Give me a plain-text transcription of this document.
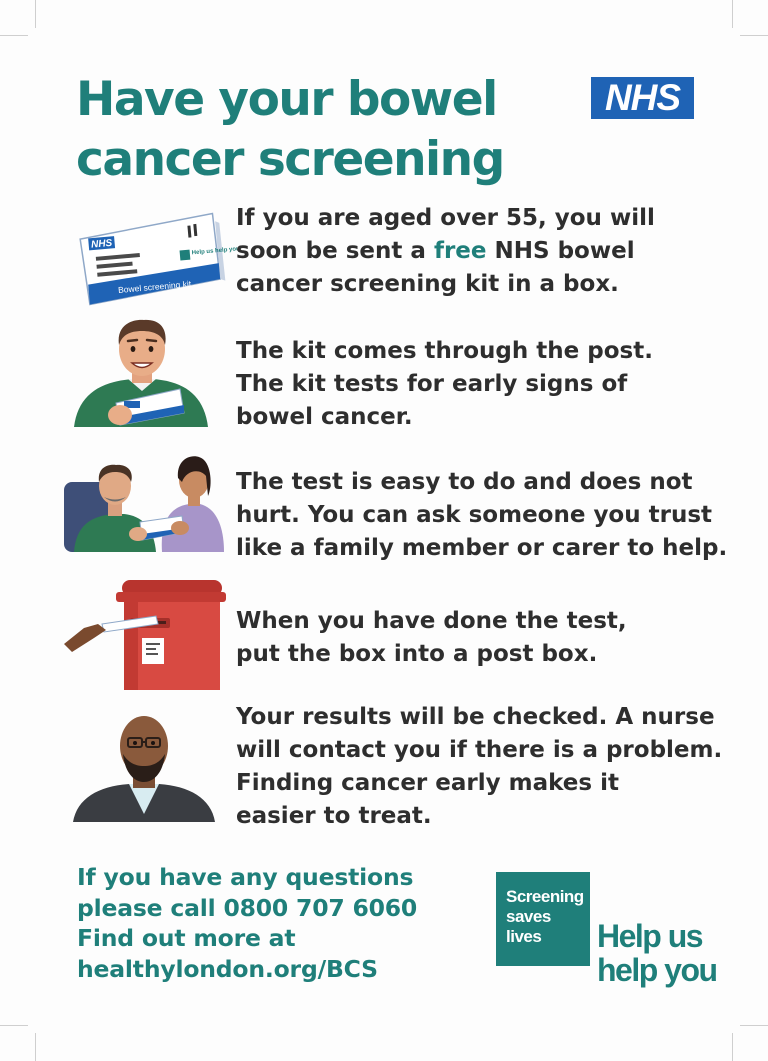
Have your bowel
cancer screening
NHS
NHS
Help us help you
Bowel screening kit

If you are aged over 55, you will
soon be sent a free NHS bowel
cancer screening kit in a box.

The kit comes through the post.
The kit tests for early signs of
bowel cancer.

The test is easy to do and does not
hurt. You can ask someone you trust
like a family member or carer to help.

When you have done the test,
put the box into a post box.

Your results will be checked. A nurse
will contact you if there is a problem.
Finding cancer early makes it
easier to treat.

If you have any questions
please call 0800 707 6060
Find out more at
healthylondon.org/BCS
Screening
saves
lives	Help us
help you
